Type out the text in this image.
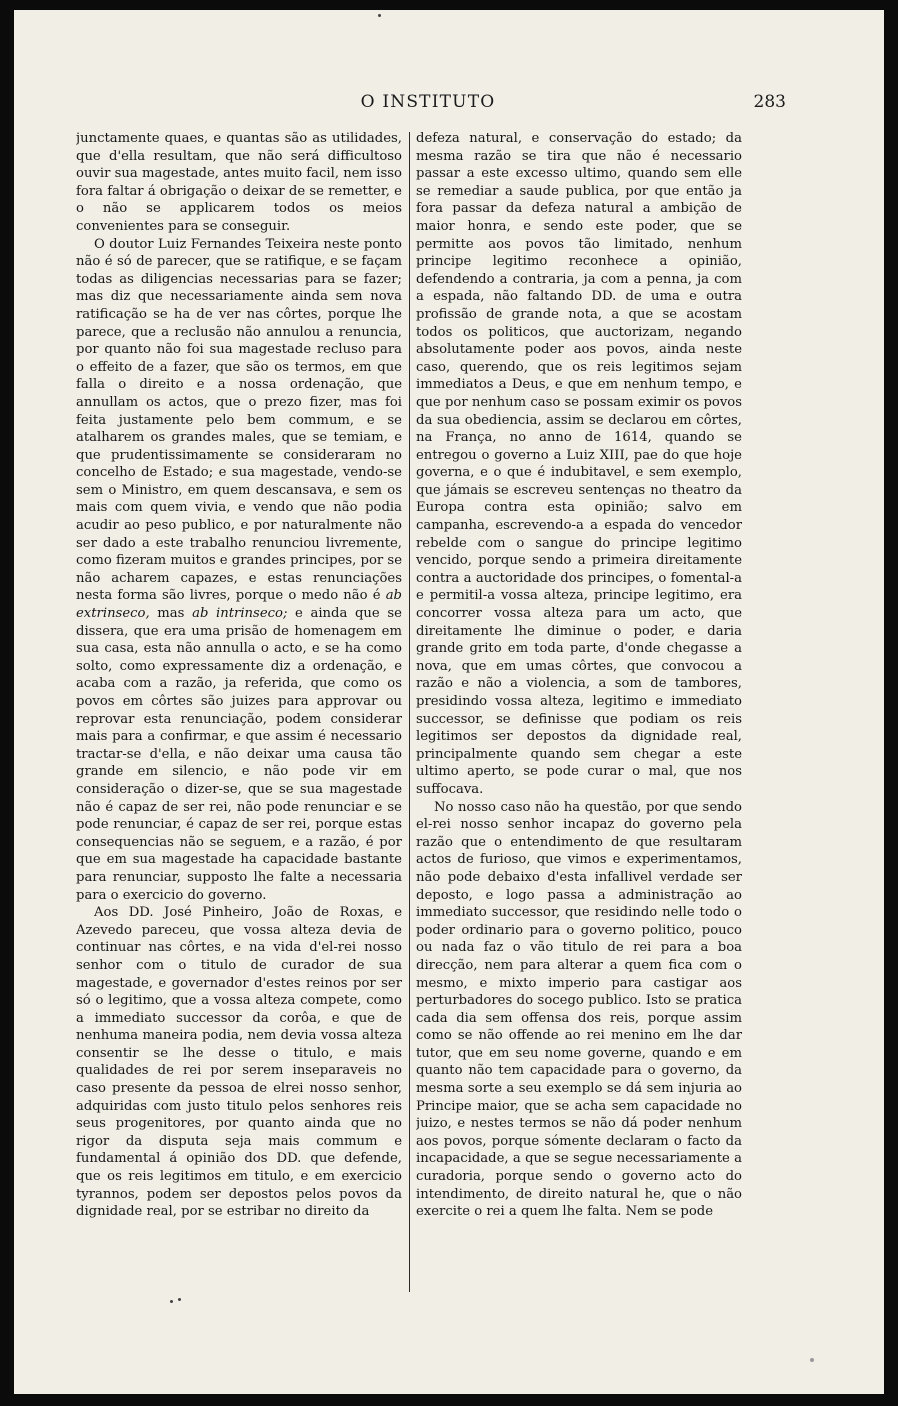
O INSTITUTO	283

junctamente quaes, e quantas são as utilidades, que d'ella resultam, que não será difficultoso ouvir sua magestade, antes muito facil, nem isso fora faltar á obrigação o deixar de se remetter, e o não se applicarem todos os meios convenientes para se conseguir.

O doutor Luiz Fernandes Teixeira neste ponto não é só de parecer, que se ratifique, e se façam todas as diligencias necessarias para se fazer; mas diz que necessariamente ainda sem nova ratificação se ha de ver nas côrtes, porque lhe parece, que a reclusão não annulou a renuncia, por quanto não foi sua magestade recluso para o effeito de a fazer, que são os termos, em que falla o direito e a nossa ordenação, que annullam os actos, que o prezo fizer, mas foi feita justamente pelo bem commum, e se atalharem os grandes males, que se temiam, e que prudentissimamente se consideraram no concelho de Estado; e sua magestade, vendo-se sem o Ministro, em quem descansava, e sem os mais com quem vivia, e vendo que não podia acudir ao peso publico, e por naturalmente não ser dado a este trabalho renunciou livremente, como fizeram muitos e grandes principes, por se não acharem capazes, e estas renunciações nesta forma são livres, porque o medo não é ab extrinseco, mas ab intrinseco; e ainda que se dissera, que era uma prisão de homenagem em sua casa, esta não annulla o acto, e se ha como solto, como expressamente diz a ordenação, e acaba com a razão, ja referida, que como os povos em côrtes são juizes para approvar ou reprovar esta renunciação, podem considerar mais para a confirmar, e que assim é necessario tractar-se d'ella, e não deixar uma causa tão grande em silencio, e não pode vir em consideração o dizer-se, que se sua magestade não é capaz de ser rei, não pode renunciar e se pode renunciar, é capaz de ser rei, porque estas consequencias não se seguem, e a razão, é por que em sua magestade ha capacidade bastante para renunciar, supposto lhe falte a necessaria para o exercicio do governo.

Aos DD. José Pinheiro, João de Roxas, e Azevedo pareceu, que vossa alteza devia de continuar nas côrtes, e na vida d'el-rei nosso senhor com o titulo de curador de sua magestade, e governador d'estes reinos por ser só o legitimo, que a vossa alteza compete, como a immediato successor da corôa, e que de nenhuma maneira podia, nem devia vossa alteza consentir se lhe desse o titulo, e mais qualidades de rei por serem inseparaveis no caso presente da pessoa de elrei nosso senhor, adquiridas com justo titulo pelos senhores reis seus progenitores, por quanto ainda que no rigor da disputa seja mais commum e fundamental á opinião dos DD. que defende, que os reis legitimos em titulo, e em exercicio tyrannos, podem ser depostos pelos povos da dignidade real, por se estribar no direito da

defeza natural, e conservação do estado; da mesma razão se tira que não é necessario passar a este excesso ultimo, quando sem elle se remediar a saude publica, por que então ja fora passar da defeza natural a ambição de maior honra, e sendo este poder, que se permitte aos povos tão limitado, nenhum principe legitimo reconhece a opinião, defendendo a contraria, ja com a penna, ja com a espada, não faltando DD. de uma e outra profissão de grande nota, a que se acostam todos os politicos, que auctorizam, negando absolutamente poder aos povos, ainda neste caso, querendo, que os reis legitimos sejam immediatos a Deus, e que em nenhum tempo, e que por nenhum caso se possam eximir os povos da sua obediencia, assim se declarou em côrtes, na França, no anno de 1614, quando se entregou o governo a Luiz XIII, pae do que hoje governa, e o que é indubitavel, e sem exemplo, que jámais se escreveu sentenças no theatro da Europa contra esta opinião; salvo em campanha, escrevendo-a a espada do vencedor rebelde com o sangue do principe legitimo vencido, porque sendo a primeira direitamente contra a auctoridade dos principes, o fomental-a e permitil-a vossa alteza, principe legitimo, era concorrer vossa alteza para um acto, que direitamente lhe diminue o poder, e daria grande grito em toda parte, d'onde chegasse a nova, que em umas côrtes, que convocou a razão e não a violencia, a som de tambores, presidindo vossa alteza, legitimo e immediato successor, se definisse que podiam os reis legitimos ser depostos da dignidade real, principalmente quando sem chegar a este ultimo aperto, se pode curar o mal, que nos suffocava.

No nosso caso não ha questão, por que sendo el-rei nosso senhor incapaz do governo pela razão que o entendimento de que resultaram actos de furioso, que vimos e experimentamos, não pode debaixo d'esta infallivel verdade ser deposto, e logo passa a administração ao immediato successor, que residindo nelle todo o poder ordinario para o governo politico, pouco ou nada faz o vão titulo de rei para a boa direcção, nem para alterar a quem fica com o mesmo, e mixto imperio para castigar aos perturbadores do socego publico. Isto se pratica cada dia sem offensa dos reis, porque assim como se não offende ao rei menino em lhe dar tutor, que em seu nome governe, quando e em quanto não tem capacidade para o governo, da mesma sorte a seu exemplo se dá sem injuria ao Principe maior, que se acha sem capacidade no juizo, e nestes termos se não dá poder nenhum aos povos, porque sómente declaram o facto da incapacidade, a que se segue necessariamente a curadoria, porque sendo o governo acto do intendimento, de direito natural he, que o não exercite o rei a quem lhe falta. Nem se pode
